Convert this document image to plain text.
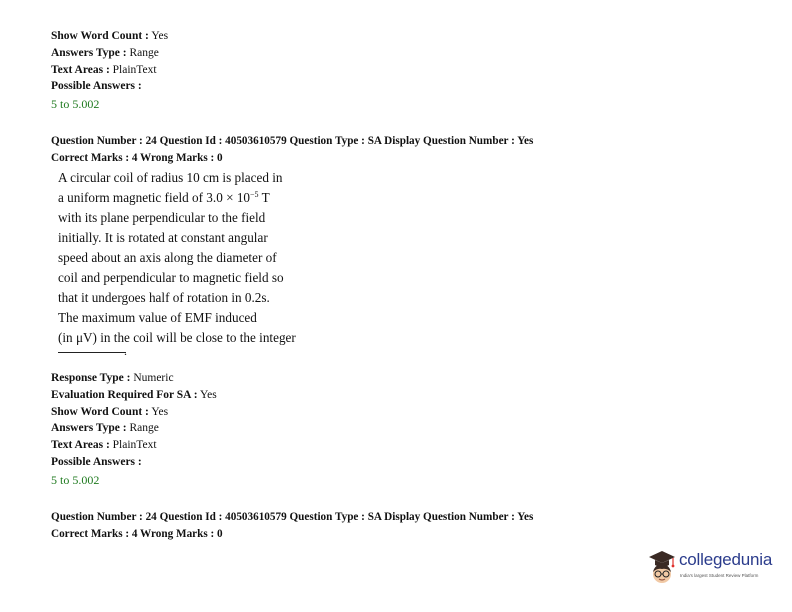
Show Word Count : Yes
Answers Type : Range
Text Areas : PlainText
Possible Answers :
5 to 5.002
Question Number : 24 Question Id : 40503610579 Question Type : SA Display Question Number : Yes
Correct Marks : 4 Wrong Marks : 0
A circular coil of radius 10 cm is placed in
a uniform magnetic field of $3.0 \times 10^{-5}$ T
with its plane perpendicular to the field
initially. It is rotated at constant angular
speed about an axis along the diameter of
coil and perpendicular to magnetic field so
that it undergoes half of rotation in 0.2s.
The maximum value of EMF induced
(in μV) in the coil will be close to the integer
.
Response Type : Numeric
Evaluation Required For SA : Yes
Show Word Count : Yes
Answers Type : Range
Text Areas : PlainText
Possible Answers :
5 to 5.002
Question Number : 24 Question Id : 40503610579 Question Type : SA Display Question Number : Yes
Correct Marks : 4 Wrong Marks : 0
collegedunia
India's largest Student Review Platform
